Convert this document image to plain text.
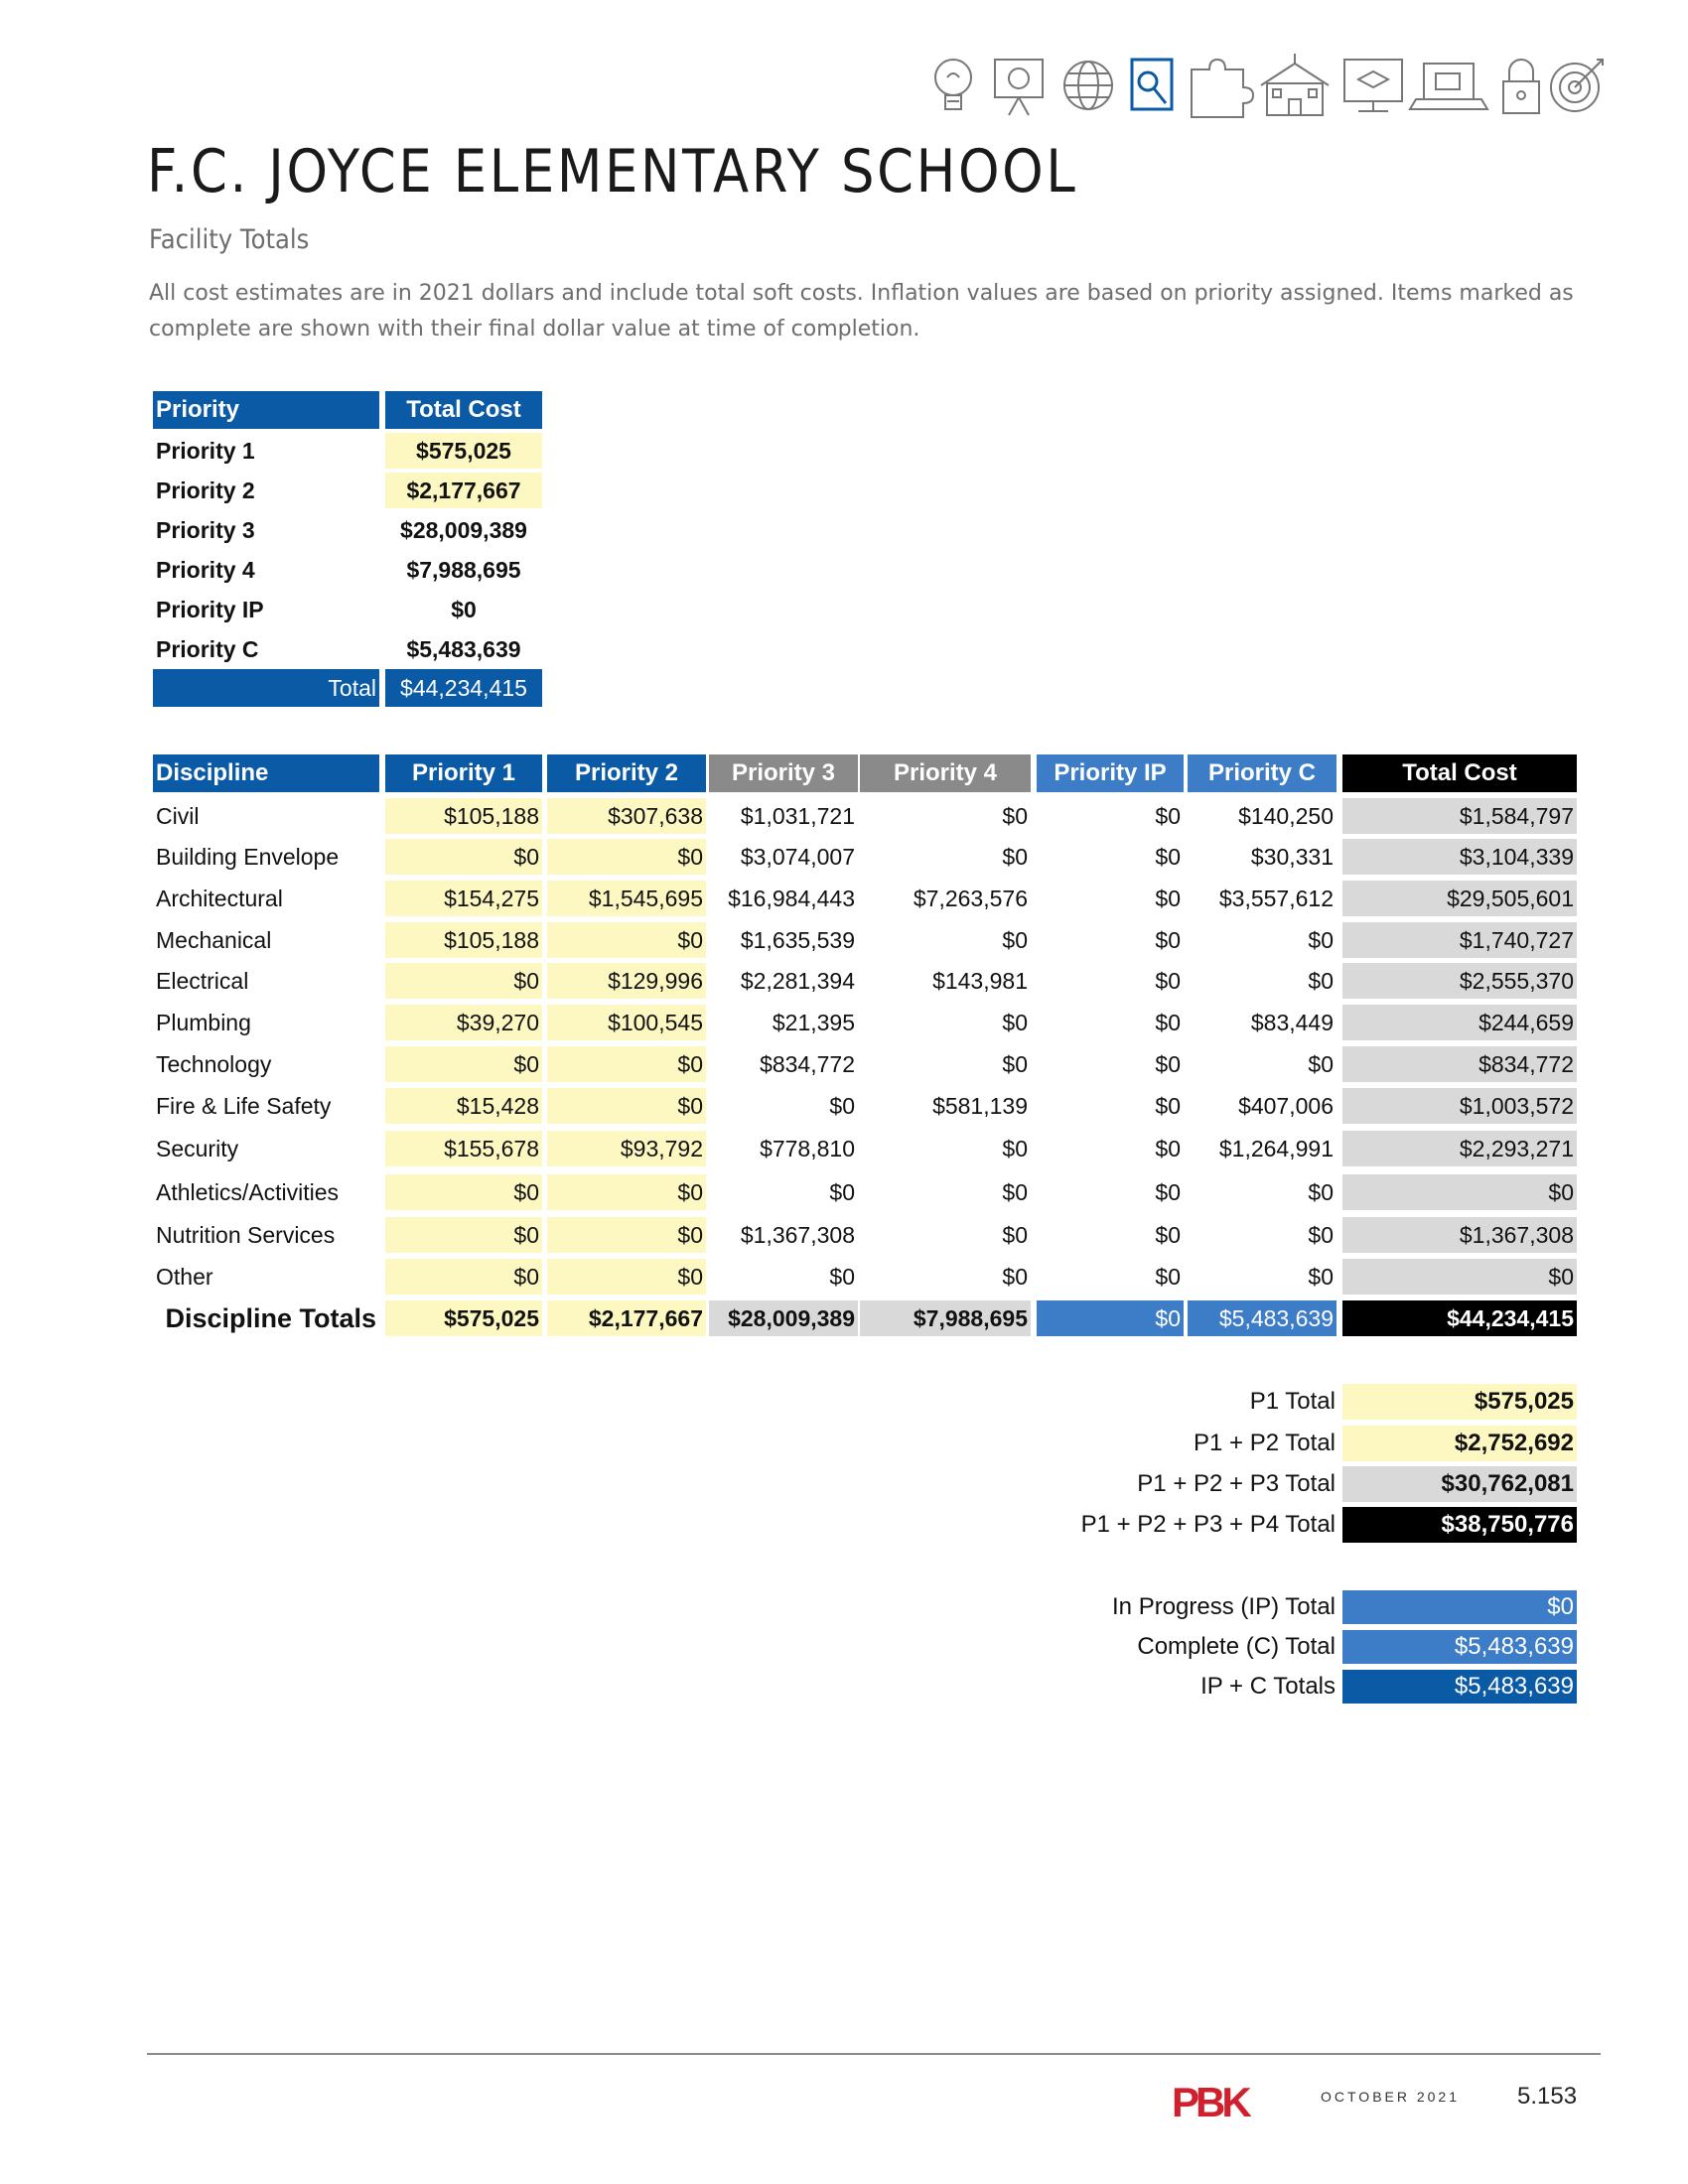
F.C. JOYCE ELEMENTARY SCHOOL
Facility Totals
All cost estimates are in 2021 dollars and include total soft costs. Inflation values are based on priority assigned. Items marked as complete are shown with their final dollar value at time of completion.
Priority	Total Cost
Priority 1	$575,025
Priority 2	$2,177,667
Priority 3	$28,009,389
Priority 4	$7,988,695
Priority IP	$0
Priority C	$5,483,639
Total	$44,234,415
Discipline	Priority 1	Priority 2	Priority 3	Priority 4	Priority IP	Priority C	Total Cost
Civil	$105,188	$307,638	$1,031,721	$0	$0	$140,250	$1,584,797
Building Envelope	$0	$0	$3,074,007	$0	$0	$30,331	$3,104,339
Architectural	$154,275	$1,545,695	$16,984,443	$7,263,576	$0	$3,557,612	$29,505,601
Mechanical	$105,188	$0	$1,635,539	$0	$0	$0	$1,740,727
Electrical	$0	$129,996	$2,281,394	$143,981	$0	$0	$2,555,370
Plumbing	$39,270	$100,545	$21,395	$0	$0	$83,449	$244,659
Technology	$0	$0	$834,772	$0	$0	$0	$834,772
Fire & Life Safety	$15,428	$0	$0	$581,139	$0	$407,006	$1,003,572
Security	$155,678	$93,792	$778,810	$0	$0	$1,264,991	$2,293,271
Athletics/Activities	$0	$0	$0	$0	$0	$0	$0
Nutrition Services	$0	$0	$1,367,308	$0	$0	$0	$1,367,308
Other	$0	$0	$0	$0	$0	$0	$0
Discipline Totals	$575,025	$2,177,667	$28,009,389	$7,988,695	$0	$5,483,639	$44,234,415
P1 Total	$575,025
P1 + P2 Total	$2,752,692
P1 + P2 + P3 Total	$30,762,081
P1 + P2 + P3 + P4 Total	$38,750,776
In Progress (IP) Total	$0
Complete (C) Total	$5,483,639
IP + C Totals	$5,483,639
PBK	OCTOBER 2021 5.153
